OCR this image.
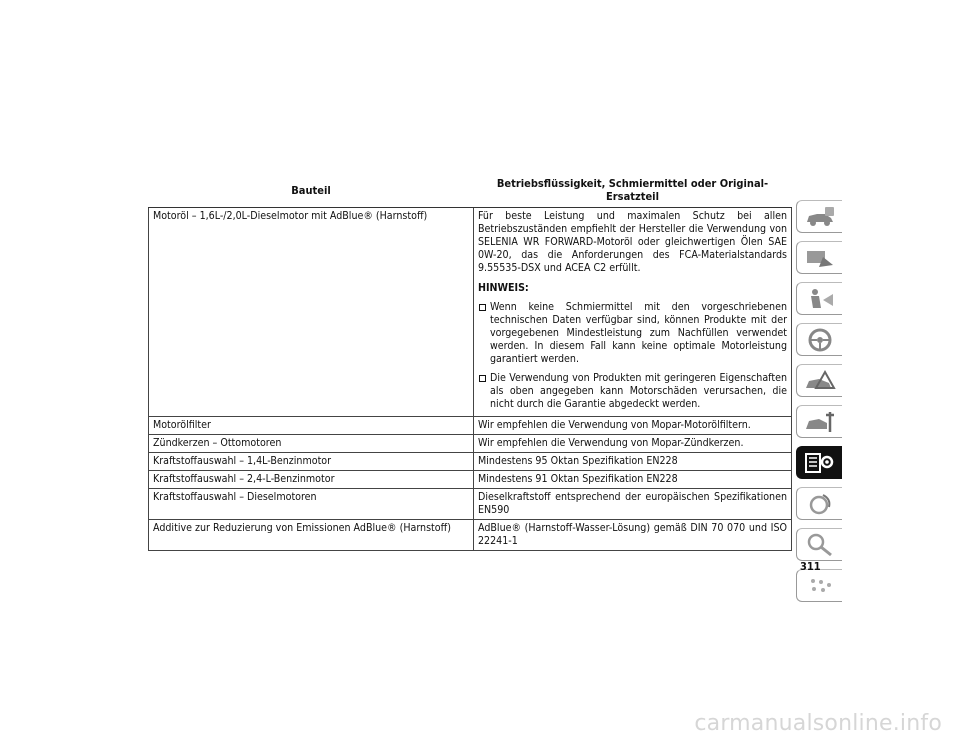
Bauteil	Betriebsflüssigkeit, Schmiermittel oder Original-Ersatzteil
Motoröl – 1,6L-/2,0L-Dieselmotor mit AdBlue® (Harnstoff)	Für beste Leistung und maximalen Schutz bei allen Betriebszuständen empfiehlt der Hersteller die Verwendung von SELENIA WR FORWARD-Motoröl oder gleichwertigen Ölen SAE 0W-20, das die Anforderungen des FCA-Materialstandards 9.55535-DSX und ACEA C2 erfüllt.
HINWEIS:
Wenn keine Schmiermittel mit den vorgeschriebenen technischen Daten verfügbar sind, können Produkte mit der vorgegebenen Mindestleistung zum Nachfüllen verwendet werden. In diesem Fall kann keine optimale Motorleistung garantiert werden.
Die Verwendung von Produkten mit geringeren Eigenschaften als oben angegeben kann Motorschäden verursachen, die nicht durch die Garantie abgedeckt werden.

Motorölfilter	Wir empfehlen die Verwendung von Mopar-Motorölfiltern.
Zündkerzen – Ottomotoren	Wir empfehlen die Verwendung von Mopar-Zündkerzen.
Kraftstoffauswahl – 1,4L-Benzinmotor	Mindestens 95 Oktan Spezifikation EN228
Kraftstoffauswahl – 2,4-L-Benzinmotor	Mindestens 91 Oktan Spezifikation EN228
Kraftstoffauswahl – Dieselmotoren	Dieselkraftstoff entsprechend der europäischen Spezifikationen EN590
Additive zur Reduzierung von Emissionen AdBlue® (Harnstoff)	AdBlue® (Harnstoff-Wasser-Lösung) gemäß DIN 70 070 und ISO 22241-1
311
carmanualsonline.info
